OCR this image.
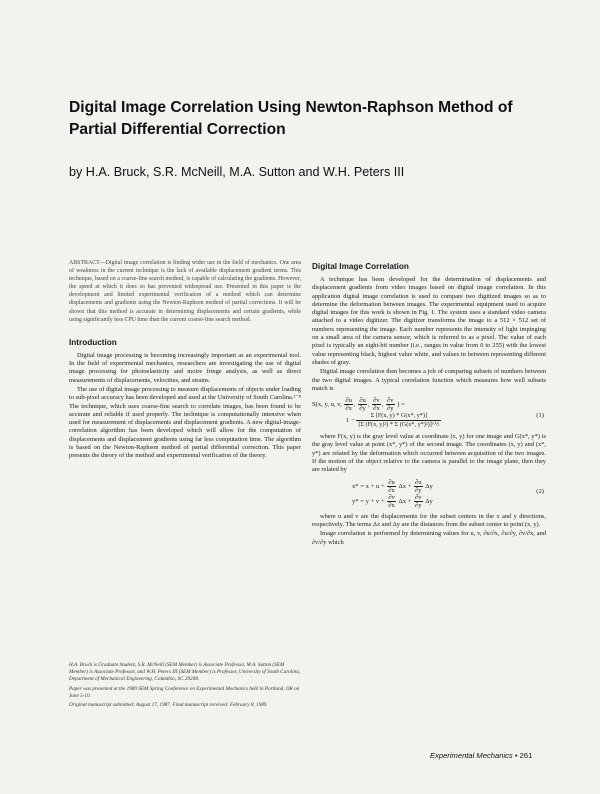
Digital Image Correlation Using Newton-Raphson Method of Partial Differential Correction
by H.A. Bruck, S.R. McNeill, M.A. Sutton and W.H. Peters III

ABSTRACT—Digital image correlation is finding wider use in the field of mechanics. One area of weakness in the current technique is the lack of available displacement gradient terms. This technique, based on a coarse-fine search method, is capable of calculating the gradients. However, the speed at which it does so has prevented widespread use. Presented in this paper is the development and limited experimental verification of a method which can determine displacements and gradients using the Newton-Raphson method of partial corrections. It will be shown that this method is accurate in determining displacements and certain gradients, while using significantly less CPU time than the current coarse-fine search method.

Introduction

Digital image processing is becoming increasingly important as an experimental tool. In the field of experimental mechanics, researchers are investigating the use of digital image processing for photoelasticity and moire fringe analysis, as well as direct measurements of displacements, velocities, and strains.

The use of digital image processing to measure displacements of objects under loading to sub-pixel accuracy has been developed and used at the University of South Carolina.¹⁻⁸ The technique, which uses coarse-fine search to correlate images, has been found to be accurate and reliable if used properly. The technique is computationally intensive when used for measurement of displacements and displacement gradients. A new digital-image-correlation algorithm has been developed which will allow for the computation of displacements and displacement gradients using far less computation time. The algorithm is based on the Newton-Raphson method of partial differential correction. This paper presents the theory of the method and experimental verification of the theory.

H.A. Bruck is Graduate Student, S.R. McNeill (SEM Member) is Associate Professor, M.A. Sutton (SEM Member) is Associate Professor, and W.H. Peters III (SEM Member) is Professor, University of South Carolina, Department of Mechanical Engineering, Columbia, SC 29208.

Paper was presented at the 1989 SEM Spring Conference on Experimental Mechanics held in Portland, OR on June 5-10.

Original manuscript submitted: August 17, 1987. Final manuscript received: February 8, 1989.

Digital Image Correlation

A technique has been developed for the determination of displacements and displacement gradients from video images based on digital image correlation. In this application digital image correlation is used to compare two digitized images so as to determine the deformation between images. The experimental equipment used to acquire digital images for this work is shown in Fig. 1. The system uses a standard video camera attached to a video digitizer. The digitizer transforms the image to a 512 × 512 set of numbers representing the image. Each number represents the intensity of light impinging on a small area of the camera sensor, which is referred to as a pixel. The value of each pixel is typically an eight-bit number (i.e., ranges in value from 0 to 255) with the lowest value representing black, highest value white, and values in between representing different shades of gray.

Digital image correlation then becomes a job of comparing subsets of numbers between the two digital images. A typical correlation function which measures how well subsets match is

S(x, y, u, v, $\frac{\partial u}{\partial x}$ , $\frac{\partial u}{\partial y}$ , $\frac{\partial v}{\partial x}$ , $\frac{\partial v}{\partial y}$ ) =
$1 - \frac{\Sigma [F(x, y) * G(x*, y*)]}{\text{[Σ (F(x, y)²) * Σ (G(x*, y*)²)]\textasciicircum{}½}}$	(1)

where F(x, y) is the gray level value at coordinate (x, y) for one image and G(x*, y*) is the gray level value at point (x*, y*) of the second image. The coordinates (x, y) and (x*, y*) are related by the deformation which occurred between acquisition of the two images. If the motion of the object relative to the camera is parallel to the image plane, then they are related by

$x* = x + u + \frac{\partial u}{\partial x}$ $\Delta x + \frac{\partial u}{\partial y}$ Δy
$y* = y + v + \frac{\partial v}{\partial x}$ $\Delta x + \frac{\partial v}{\partial y}$ Δy
(2)

where u and v are the displacements for the subset centers in the x and y directions, respectively. The terms Δx and Δy are the distances from the subset center to point (x, y).

Image correlation is performed by determining values for u, v, ∂u/∂x, ∂u/∂y, ∂v/∂x, and ∂v/∂y which

Experimental Mechanics • 261
